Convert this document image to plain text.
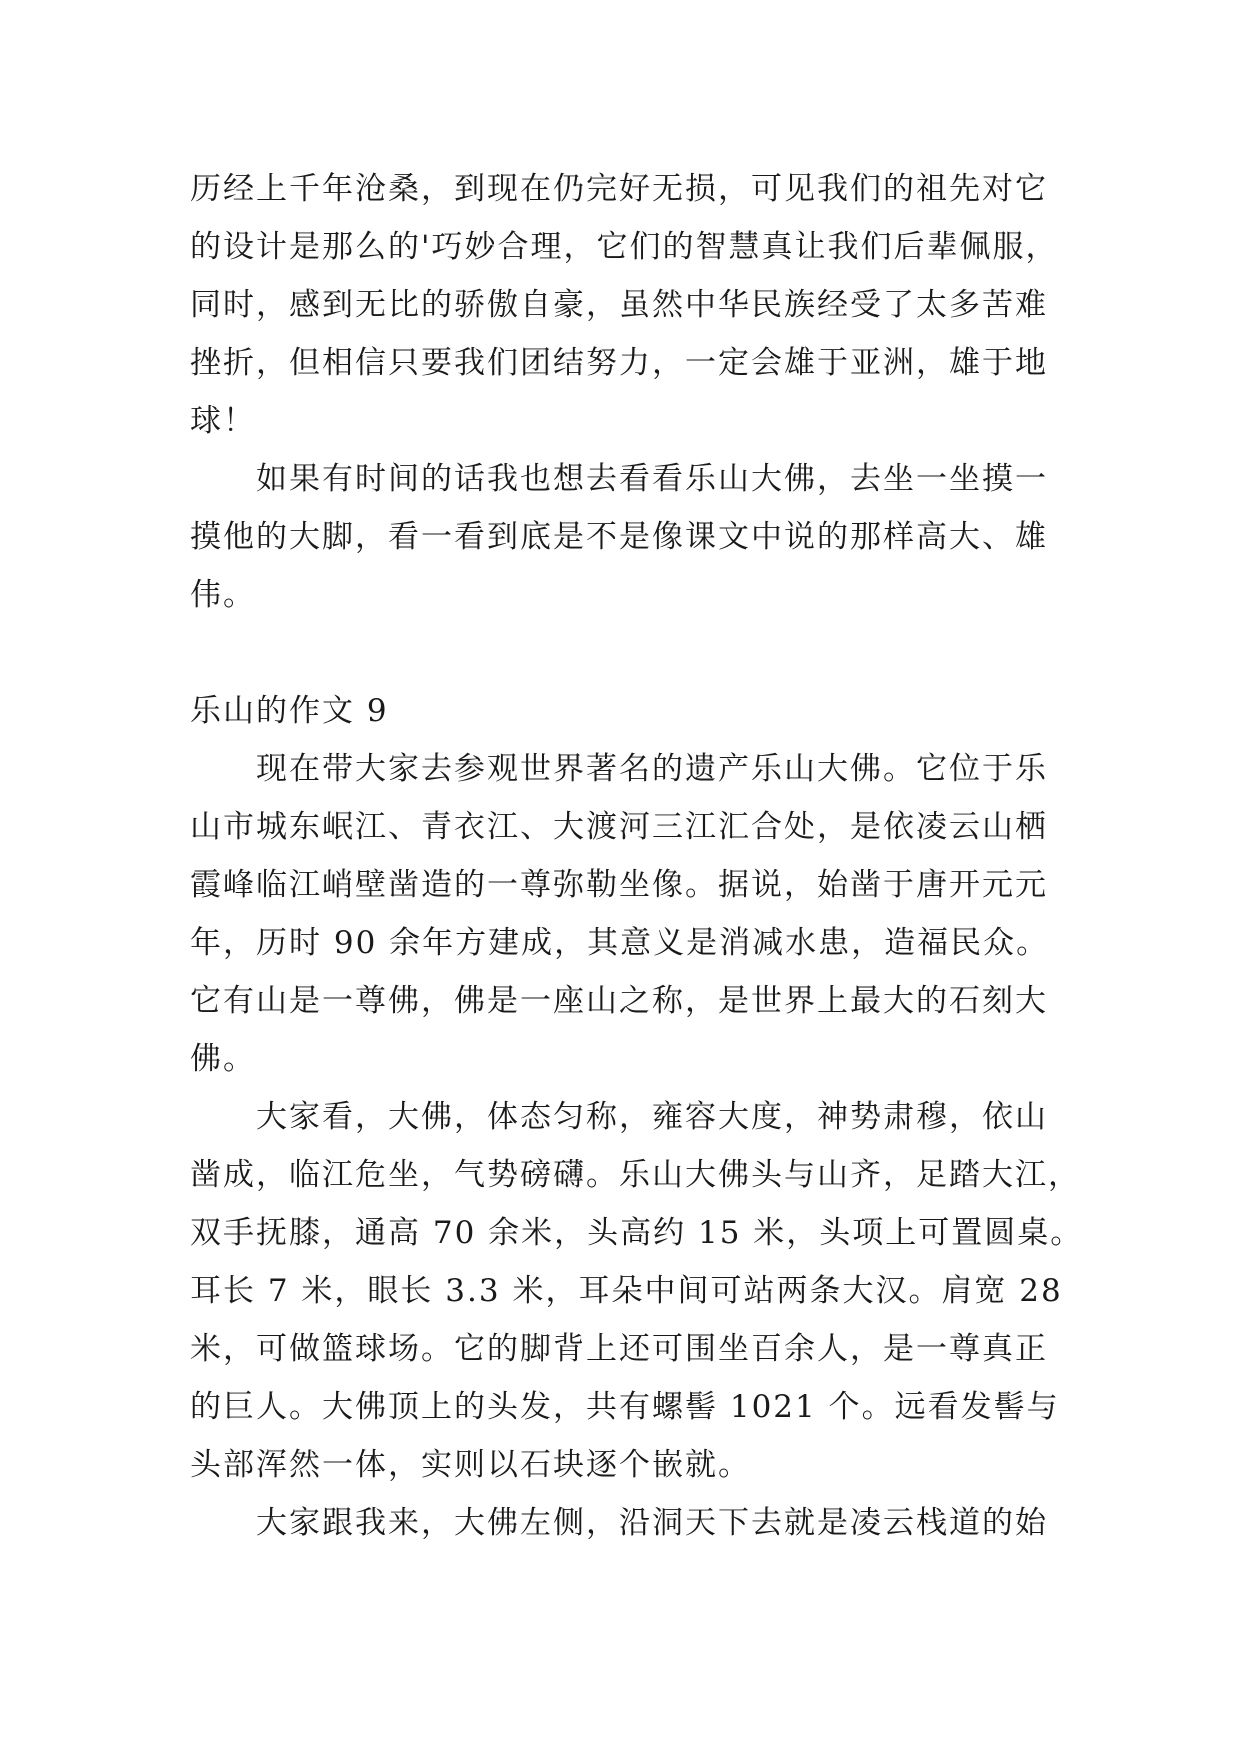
历经上千年沧桑，到现在仍完好无损，可见我们的祖先对它
的设计是那么的'巧妙合理，它们的智慧真让我们后辈佩服，
同时，感到无比的骄傲自豪，虽然中华民族经受了太多苦难
挫折，但相信只要我们团结努力，一定会雄于亚洲，雄于地
球！
如果有时间的话我也想去看看乐山大佛，去坐一坐摸一
摸他的大脚，看一看到底是不是像课文中说的那样高大、雄
伟。
乐山的作文 9
现在带大家去参观世界著名的遗产乐山大佛。它位于乐
山市城东岷江、青衣江、大渡河三江汇合处，是依凌云山栖
霞峰临江峭壁凿造的一尊弥勒坐像。据说，始凿于唐开元元
年，历时 90 余年方建成，其意义是消减水患，造福民众。
它有山是一尊佛，佛是一座山之称，是世界上最大的石刻大
佛。
大家看，大佛，体态匀称，雍容大度，神势肃穆，依山
凿成，临江危坐，气势磅礴。乐山大佛头与山齐，足踏大江，
双手抚膝，通高 70 余米，头高约 15 米，头项上可置圆桌。
耳长 7 米，眼长 3.3 米，耳朵中间可站两条大汉。肩宽 28
米，可做篮球场。它的脚背上还可围坐百余人，是一尊真正
的巨人。大佛顶上的头发，共有螺髻 1021 个。远看发髻与
头部浑然一体，实则以石块逐个嵌就。
大家跟我来，大佛左侧，沿洞天下去就是凌云栈道的始
